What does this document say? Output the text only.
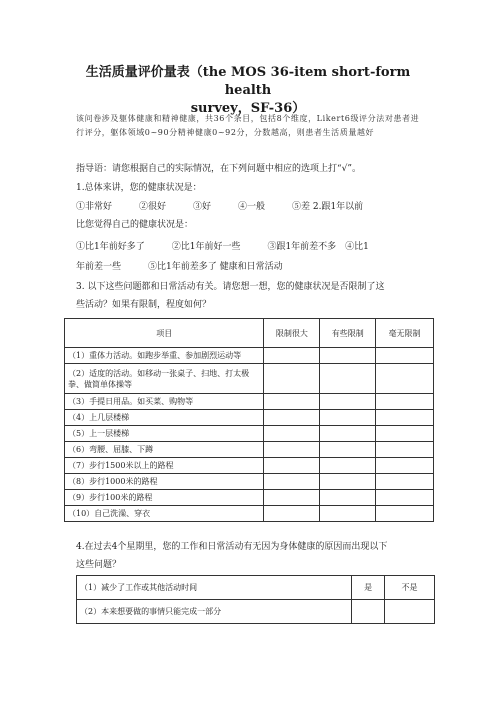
生活质量评价量表（the MOS 36-item short-form health
survey，SF-36）
该问卷涉及躯体健康和精神健康，共36个条目，包括8个维度，Likert6级评分法对患者进行评分，躯体领域0~90分精神健康0~92分，分数越高，则患者生活质量越好
指导语：请您根据自己的实际情况，在下列问题中相应的选项上打“√”。
1.总体来讲，您的健康状况是：
①非常好　　　②很好　　　③好　　　④一般　　　⑤差 2.跟1年以前
比您觉得自己的健康状况是：
①比1年前好多了　　　②比1年前好一些　　　③跟1年前差不多　④比1
年前差一些　　　⑤比1年前差多了 健康和日常活动
3. 以下这些问题都和日常活动有关。请您想一想，您的健康状况是否限制了这
些活动？如果有限制，程度如何？
项目	限制很大	有些限制	毫无限制
（1）重体力活动。如跑步举重、参加剧烈运动等			
（2）适度的活动。如移动一张桌子、扫地、打太极拳、做简单体操等			
（3）手提日用品。如买菜、购物等			
（4）上几层楼梯			
（5）上一层楼梯			
（6）弯腰、屈膝、下蹲			
（7）步行1500米以上的路程			
（8）步行1000米的路程			
（9）步行100米的路程			
（10）自己洗澡、穿衣			
4.在过去4个星期里，您的工作和日常活动有无因为身体健康的原因而出现以下
这些问题？
（1）减少了工作或其他活动时间	是	不是
（2）本来想要做的事情只能完成一部分		
